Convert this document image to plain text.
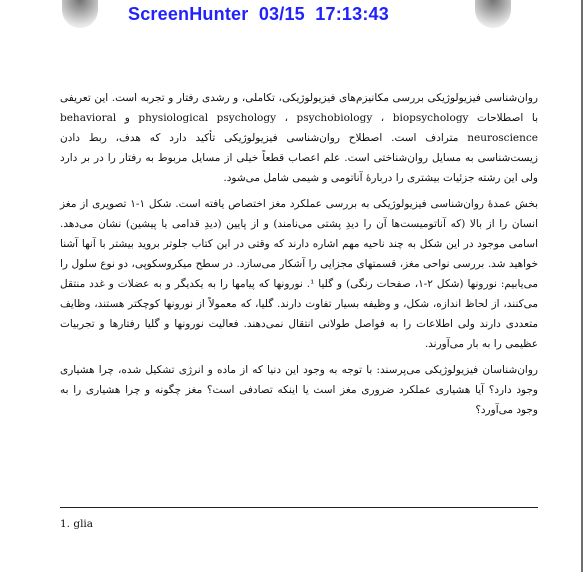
ScreenHunter  03/15  17:13:43

روان‌شناسی فیزیولوژیکی بررسی مکانیزم‌های فیزیولوژیکی، تکاملی، و رشدی رفتار و تجربه است. این تعریفی با اصطلاحات physiological psychology ، psychobiology ، biopsychology و behavioral neuroscience مترادف است. اصطلاح روان‌شناسی فیزیولوژیکی تأکید دارد که هدف، ربط دادن زیست‌شناسی به مسایل روان‌شناختی است. علم اعصاب قطعاً خیلی از مسایل مربوط به رفتار را در بر دارد ولی این رشته جزئیات بیشتری را دربارهٔ آناتومی و شیمی شامل می‌شود.

بخش عمدهٔ روان‌شناسی فیزیولوژیکی به بررسی عملکرد مغز اختصاص یافته است. شکل ۱-۱ تصویری از مغز انسان را از بالا (که آناتومیست‌ها آن را دیدِ پشتی می‌نامند) و از پایین (دیدِ قدامی یا پیشین) نشان می‌دهد. اسامی موجود در این شکل به چند ناحیه مهم اشاره دارند که وقتی در این کتاب جلوتر بروید بیشتر با آنها آشنا خواهید شد. بررسی نواحی مغز، قسمتهای مجزایی را آشکار می‌سازد. در سطح میکروسکوپی، دو نوع سلول را می‌یابیم: نورونها (شکل ۲-۱، صفحات رنگی) و گلیا ¹. نورونها که پیامها را به یکدیگر و به عضلات و غدد منتقل می‌کنند، از لحاظ اندازه، شکل، و وظیفه بسیار تفاوت دارند. گلیا، که معمولاً از نورونها کوچکتر هستند، وظایف متعددی دارند ولی اطلاعات را به فواصل طولانی انتقال نمی‌دهند. فعالیت نورونها و گلیا رفتارها و تجربیات عظیمی را به بار می‌آورند.

روان‌شناسان فیزیولوژیکی می‌پرسند: با توجه به وجود این دنیا که از ماده و انرژی تشکیل شده، چرا هشیاری وجود دارد؟ آیا هشیاری عملکرد ضروری مغز است یا اینکه تصادفی است؟ مغز چگونه و چرا هشیاری را به وجود می‌آورد؟

1. glia
